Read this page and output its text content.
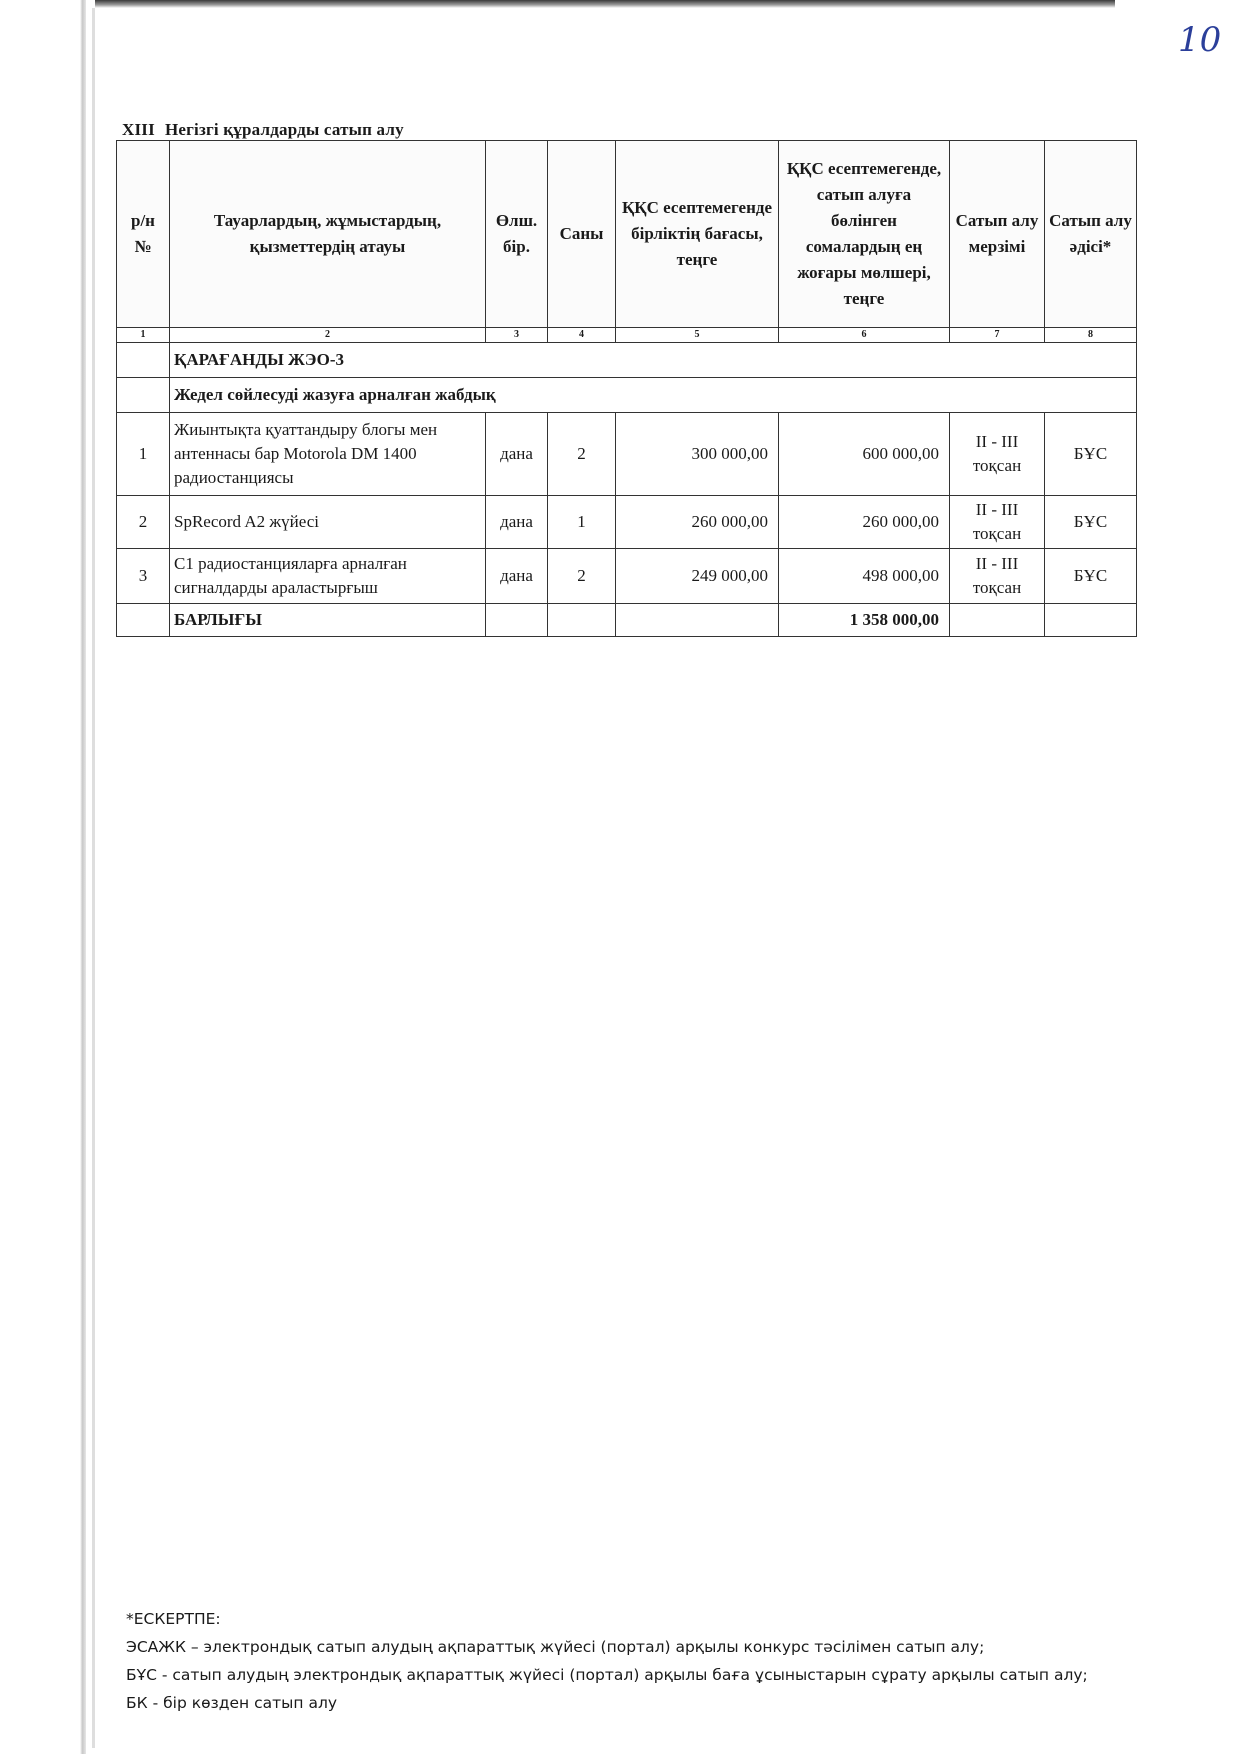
10
XIII Негізгі құралдарды сатып алу
р/н №	Тауарлардың, жұмыстардың, қызметтердің атауы	Өлш. бір.	Саны	ҚҚС есептемегенде бірліктің бағасы, теңге	ҚҚС есептемегенде, сатып алуға бөлінген сомалардың ең жоғары мөлшері, теңге	Сатып алу мерзімі	Сатып алу әдісі*
1	2	3	4	5	6	7	8
	ҚАРАҒАНДЫ ЖЭО-3						
	Жедел сөйлесуді жазуға арналған жабдық						
1	Жиынтықта қуаттандыру блогы мен антеннасы бар Motorola DM 1400 радиостанциясы	дана	2	300 000,00	600 000,00	II - III тоқсан	БҰС
2	SpRecord A2 жүйесі	дана	1	260 000,00	260 000,00	II - III тоқсан	БҰС
3	C1 радиостанцияларға арналған сигналдарды араластырғыш	дана	2	249 000,00	498 000,00	II - III тоқсан	БҰС
	БАРЛЫҒЫ				1 358 000,00		
*ЕСКЕРТПЕ:
ЭСАЖК – электрондық сатып алудың ақпараттық жүйесі (портал) арқылы конкурс тәсілімен сатып алу;
БҰС - сатып алудың электрондық ақпараттық жүйесі (портал) арқылы баға ұсыныстарын сұрату арқылы сатып алу;
БК - бір көзден сатып алу
